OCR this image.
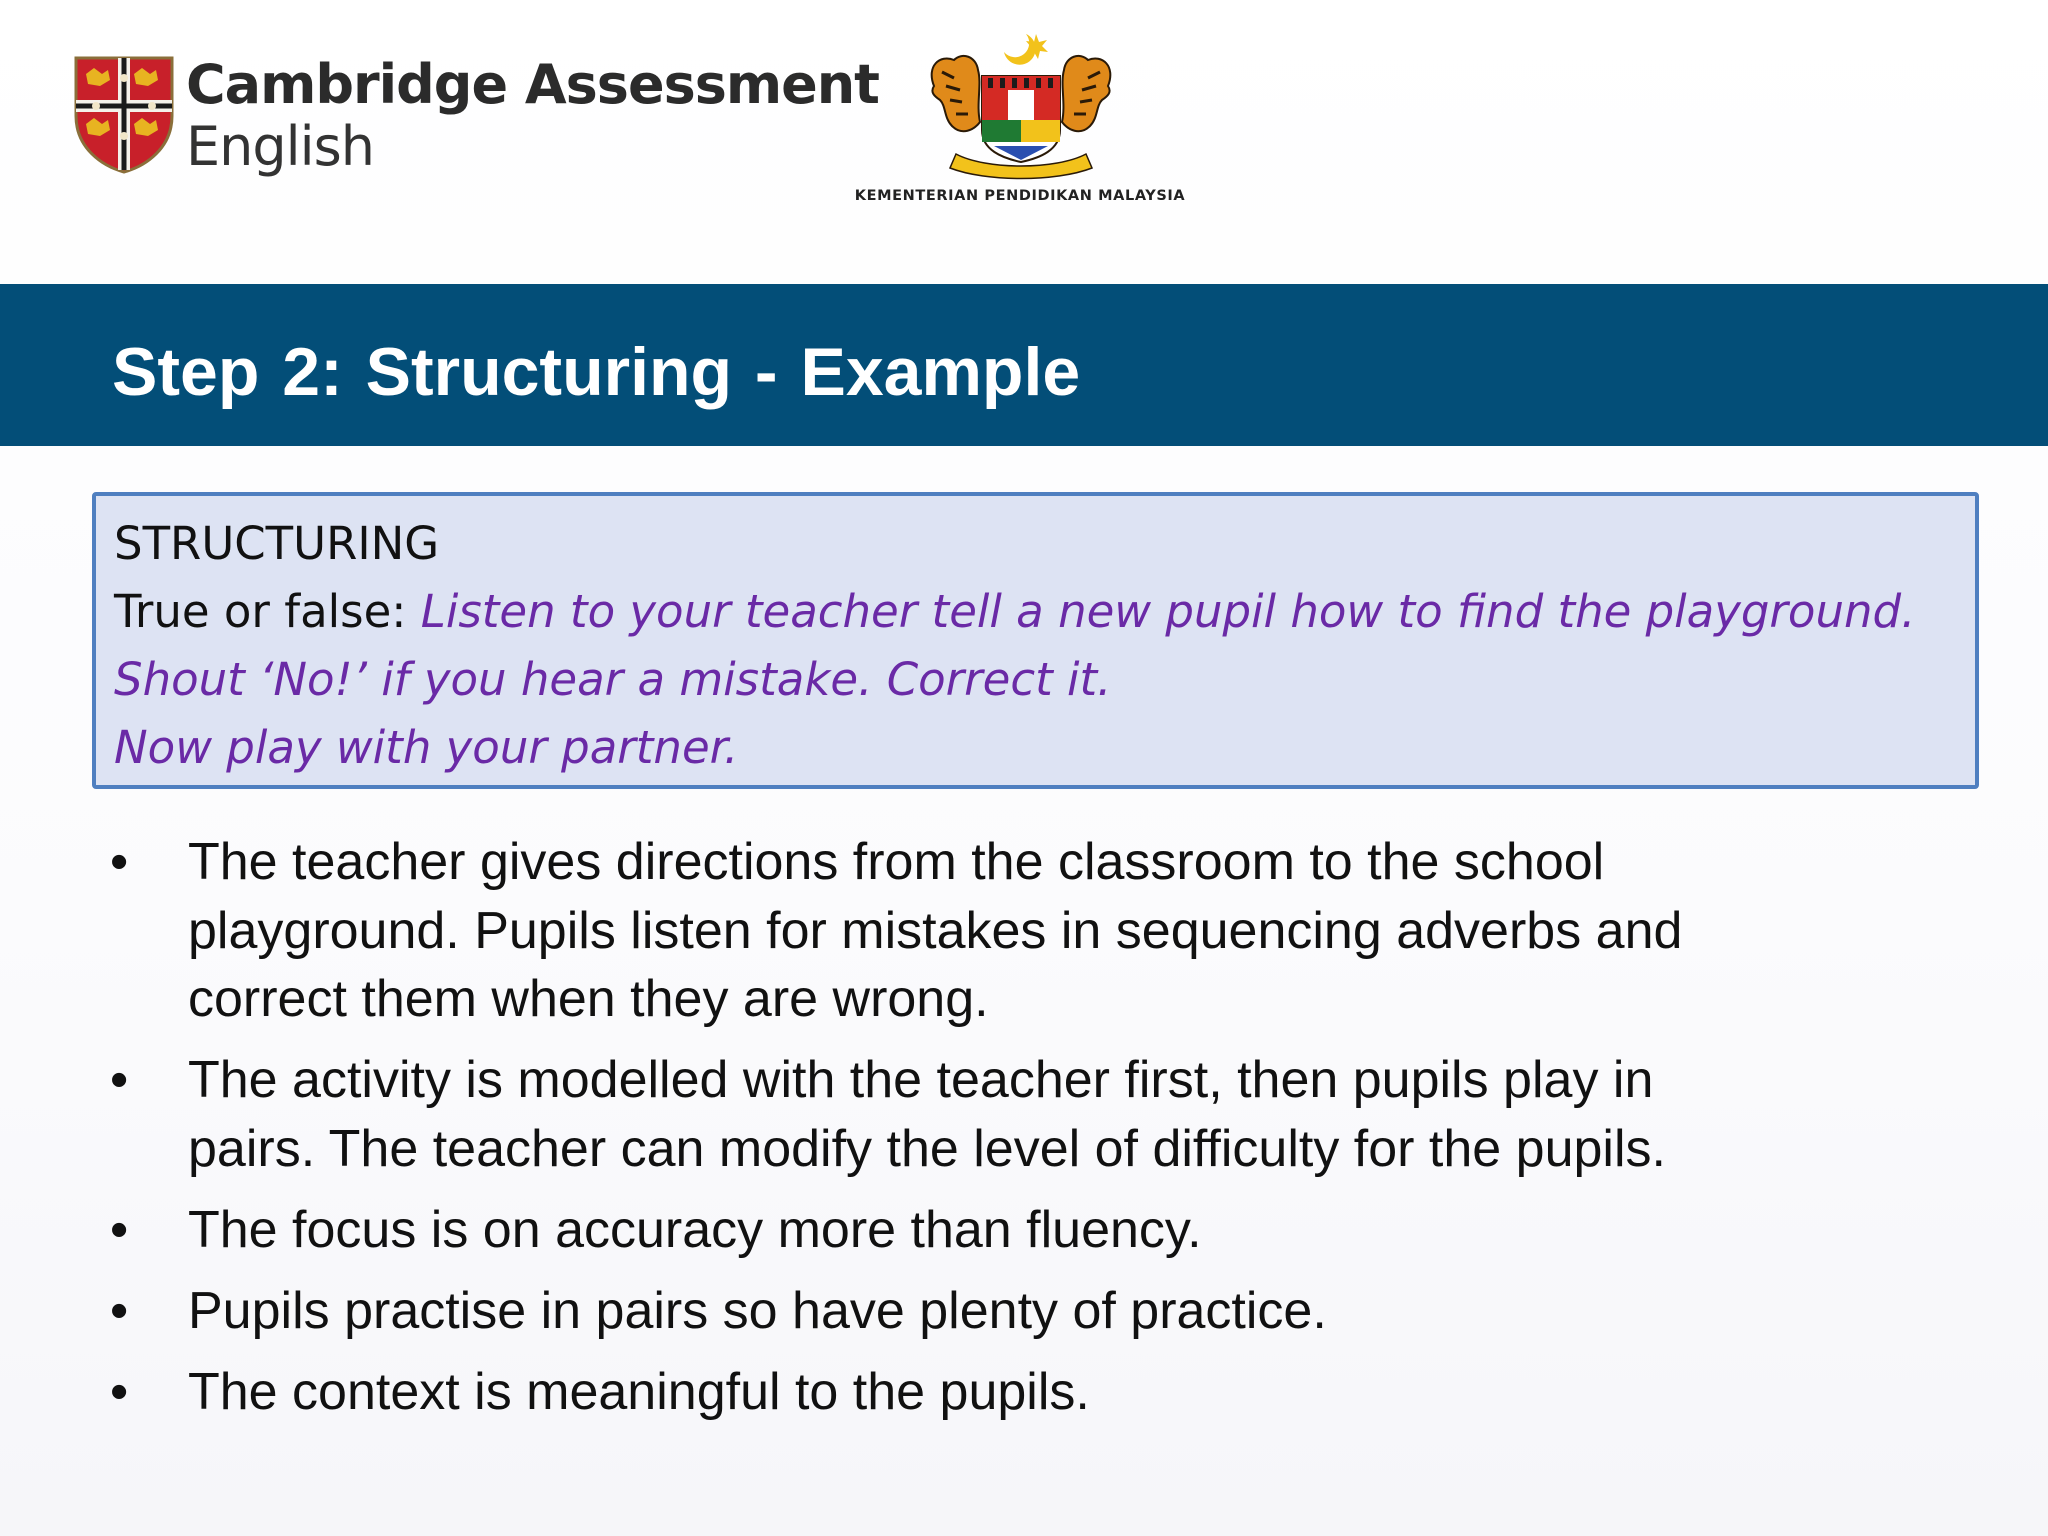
Cambridge Assessment
English
KEMENTERIAN PENDIDIKAN MALAYSIA
Step 2: Structuring - Example
STRUCTURING
True or false: Listen to your teacher tell a new pupil how to find the playground.
Shout ‘No!’ if you hear a mistake. Correct it.
Now play with your partner.
• The teacher gives directions from the classroom to the school
playground. Pupils listen for mistakes in sequencing adverbs and
correct them when they are wrong.
• The activity is modelled with the teacher first, then pupils play in
pairs. The teacher can modify the level of difficulty for the pupils.
• The focus is on accuracy more than fluency.
• Pupils practise in pairs so have plenty of practice.
• The context is meaningful to the pupils.
